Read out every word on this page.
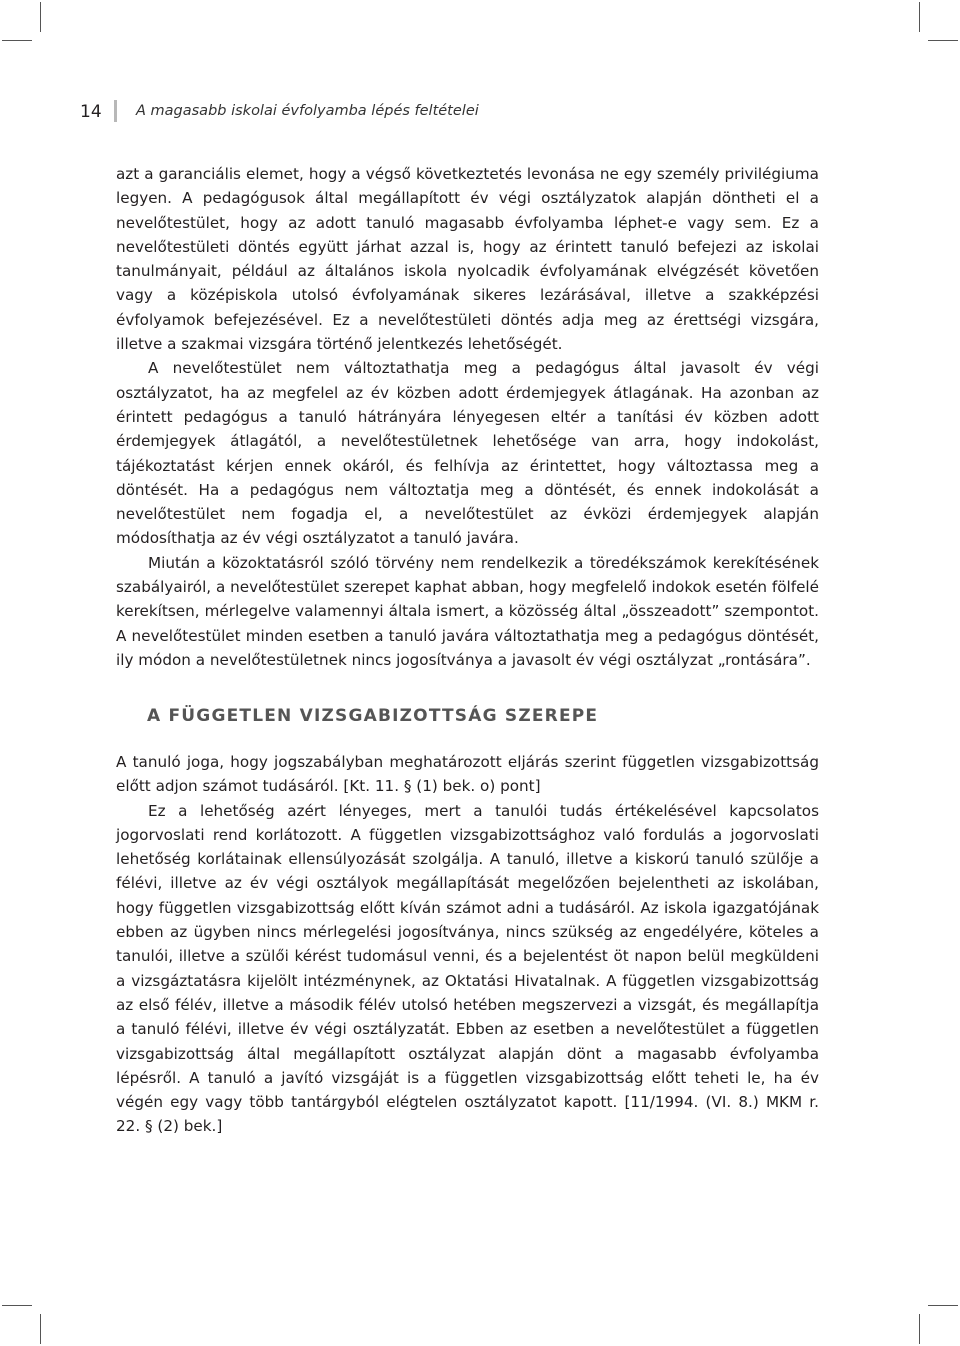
14 A magasabb iskolai évfolyamba lépés feltételei

azt a garanciális elemet, hogy a végső következtetés levonása ne egy személy privilégiuma legyen. A pedagógusok által megállapított év végi osztályzatok alapján döntheti el a nevelőtestület, hogy az adott tanuló magasabb évfolyamba léphet-e vagy sem. Ez a nevelőtestületi döntés együtt járhat azzal is, hogy az érintett tanuló befejezi az iskolai tanulmányait, például az általános iskola nyolcadik évfolyamának elvégzését követően vagy a középiskola utolsó évfolyamának sikeres lezárásával, illetve a szakképzési évfolyamok befejezésével. Ez a nevelőtestületi döntés adja meg az érettségi vizsgára, illetve a szakmai vizsgára történő jelentkezés lehetőségét.

A nevelőtestület nem változtathatja meg a pedagógus által javasolt év végi osztályzatot, ha az megfelel az év közben adott érdemjegyek átlagának. Ha azonban az érintett pedagógus a tanuló hátrányára lényegesen eltér a tanítási év közben adott érdemjegyek átlagától, a nevelőtestületnek lehetősége van arra, hogy indokolást, tájékoztatást kérjen ennek okáról, és felhívja az érintettet, hogy változtassa meg a döntését. Ha a pedagógus nem változtatja meg a döntését, és ennek indokolását a nevelőtestület nem fogadja el, a nevelőtestület az évközi érdemjegyek alapján módosíthatja az év végi osztályzatot a tanuló javára.

Miután a közoktatásról szóló törvény nem rendelkezik a töredékszámok kerekítésének szabályairól, a nevelőtestület szerepet kaphat abban, hogy megfelelő indokok esetén fölfelé kerekítsen, mérlegelve valamennyi általa ismert, a közösség által „összeadott” szempontot. A nevelőtestület minden esetben a tanuló javára változtathatja meg a pedagógus döntését, ily módon a nevelőtestületnek nincs jogosítványa a javasolt év végi osztályzat „rontására”.

A FÜGGETLEN VIZSGABIZOTTSÁG SZEREPE

A tanuló joga, hogy jogszabályban meghatározott eljárás szerint független vizsgabizottság előtt adjon számot tudásáról. [Kt. 11. § (1) bek. o) pont]

Ez a lehetőség azért lényeges, mert a tanulói tudás értékelésével kapcsolatos jogorvoslati rend korlátozott. A független vizsgabizottsághoz való fordulás a jogorvoslati lehetőség korlátainak ellensúlyozását szolgálja. A tanuló, illetve a kiskorú tanuló szülője a félévi, illetve az év végi osztályok megállapítását megelőzően bejelentheti az iskolában, hogy független vizsgabizottság előtt kíván számot adni a tudásáról. Az iskola igazgatójának ebben az ügyben nincs mérlegelési jogosítványa, nincs szükség az engedélyére, köteles a tanulói, illetve a szülői kérést tudomásul venni, és a bejelentést öt napon belül megküldeni a vizsgáztatásra kijelölt intézménynek, az Oktatási Hivatalnak. A független vizsgabizottság az első félév, illetve a második félév utolsó hetében megszervezi a vizsgát, és megállapítja a tanuló félévi, illetve év végi osztályzatát. Ebben az esetben a nevelőtestület a független vizsgabizottság által megállapított osztályzat alapján dönt a magasabb évfolyamba lépésről. A tanuló a javító vizsgáját is a független vizsgabizottság előtt teheti le, ha év végén egy vagy több tantárgyból elégtelen osztályzatot kapott. [11/1994. (VI. 8.) MKM r. 22. § (2) bek.]
